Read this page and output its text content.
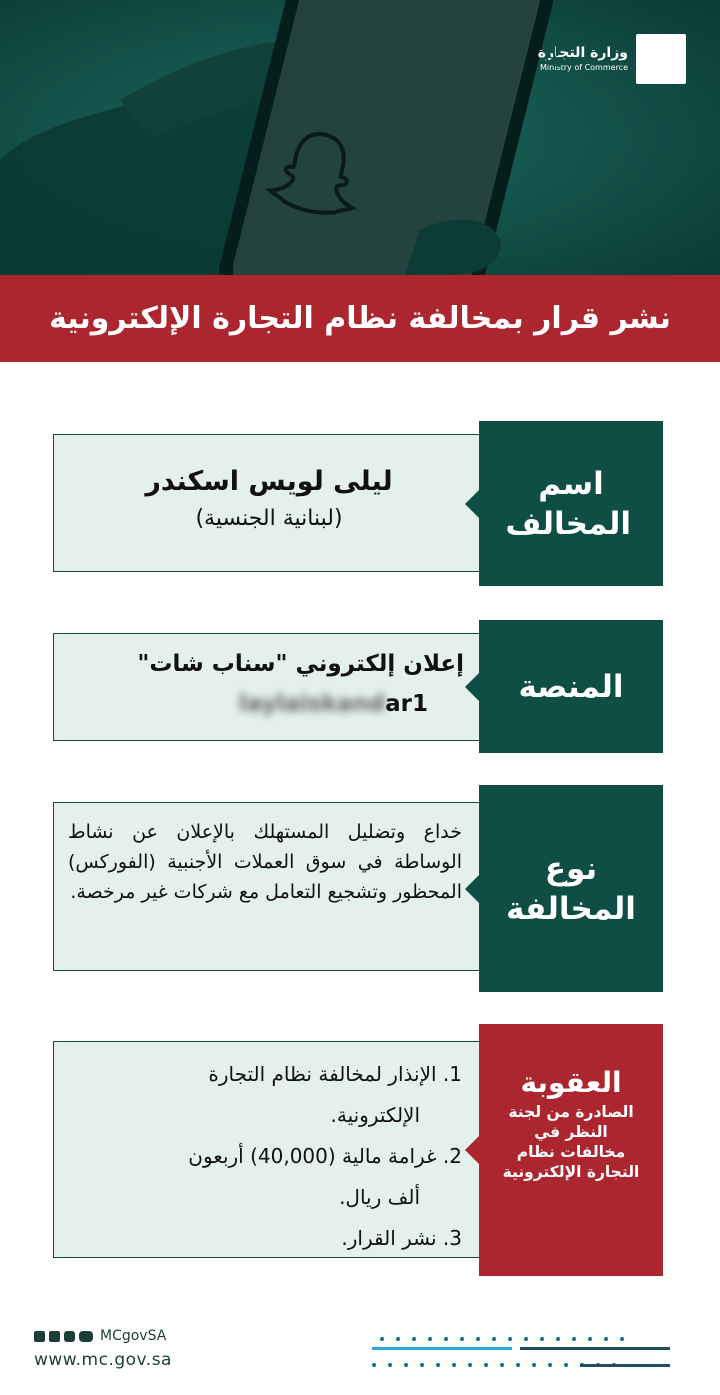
وزارة التجارة
Ministry of Commerce
نشر قرار بمخالفة نظام التجارة الإلكترونية
ليلى لويس اسكندر
(لبنانية الجنسية)
اسم المخالف
إعلان إلكتروني "سناب شات"
laylaiskandar1	المنصة
خداع وتضليل المستهلك بالإعلان عن نشاط الوساطة في سوق العملات الأجنبية (الفوركس) المحظور وتشجيع التعامل مع شركات غير مرخصة.
نوع المخالفة
1. الإنذار لمخالفة نظام التجارة
الإلكترونية.
2. غرامة مالية (40,000) أربعون
ألف ريال.
3. نشر القرار.
العقوبة
الصادرة من لجنة النظر في مخالفات نظام التجارة الإلكترونية
MCgovSA
www.mc.gov.sa
